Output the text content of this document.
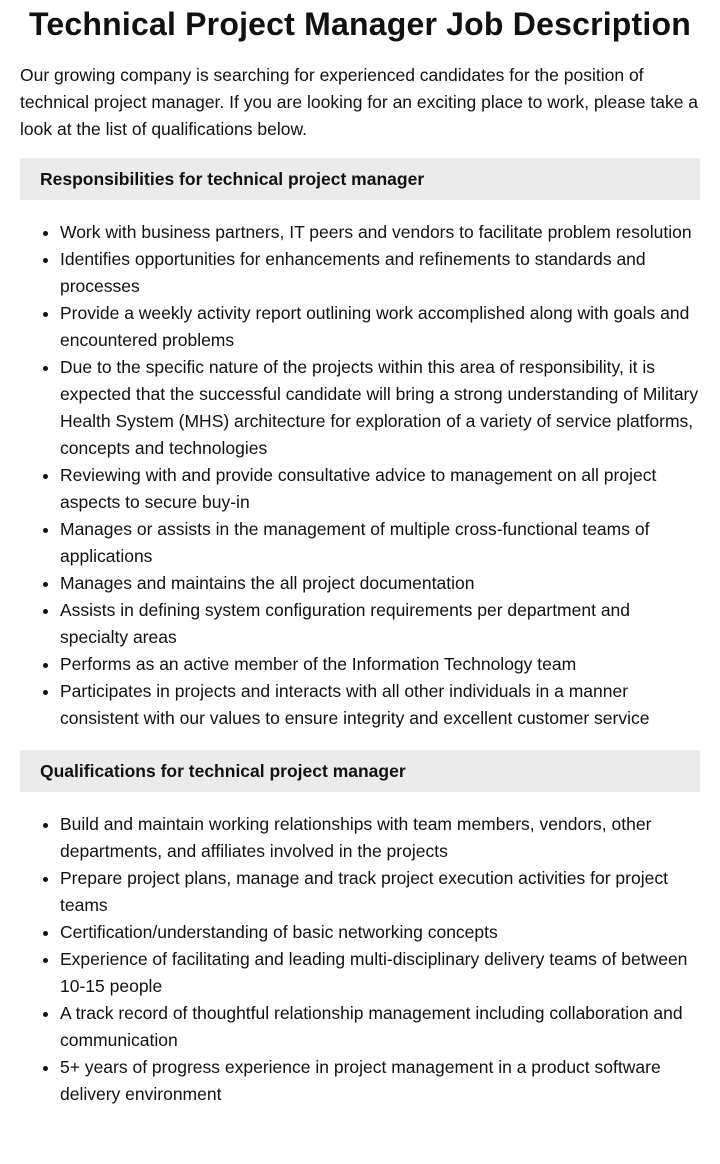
Technical Project Manager Job Description

Our growing company is searching for experienced candidates for the position of technical project manager. If you are looking for an exciting place to work, please take a look at the list of qualifications below.

Responsibilities for technical project manager
• Work with business partners, IT peers and vendors to facilitate problem resolution
• Identifies opportunities for enhancements and refinements to standards and processes
• Provide a weekly activity report outlining work accomplished along with goals and encountered problems
• Due to the specific nature of the projects within this area of responsibility, it is expected that the successful candidate will bring a strong understanding of Military Health System (MHS) architecture for exploration of a variety of service platforms, concepts and technologies
• Reviewing with and provide consultative advice to management on all project aspects to secure buy-in
• Manages or assists in the management of multiple cross-functional teams of applications
• Manages and maintains the all project documentation
• Assists in defining system configuration requirements per department and specialty areas
• Performs as an active member of the Information Technology team
• Participates in projects and interacts with all other individuals in a manner consistent with our values to ensure integrity and excellent customer service
Qualifications for technical project manager
• Build and maintain working relationships with team members, vendors, other departments, and affiliates involved in the projects
• Prepare project plans, manage and track project execution activities for project teams
• Certification/understanding of basic networking concepts
• Experience of facilitating and leading multi-disciplinary delivery teams of between 10-15 people
• A track record of thoughtful relationship management including collaboration and communication
• 5+ years of progress experience in project management in a product software delivery environment
